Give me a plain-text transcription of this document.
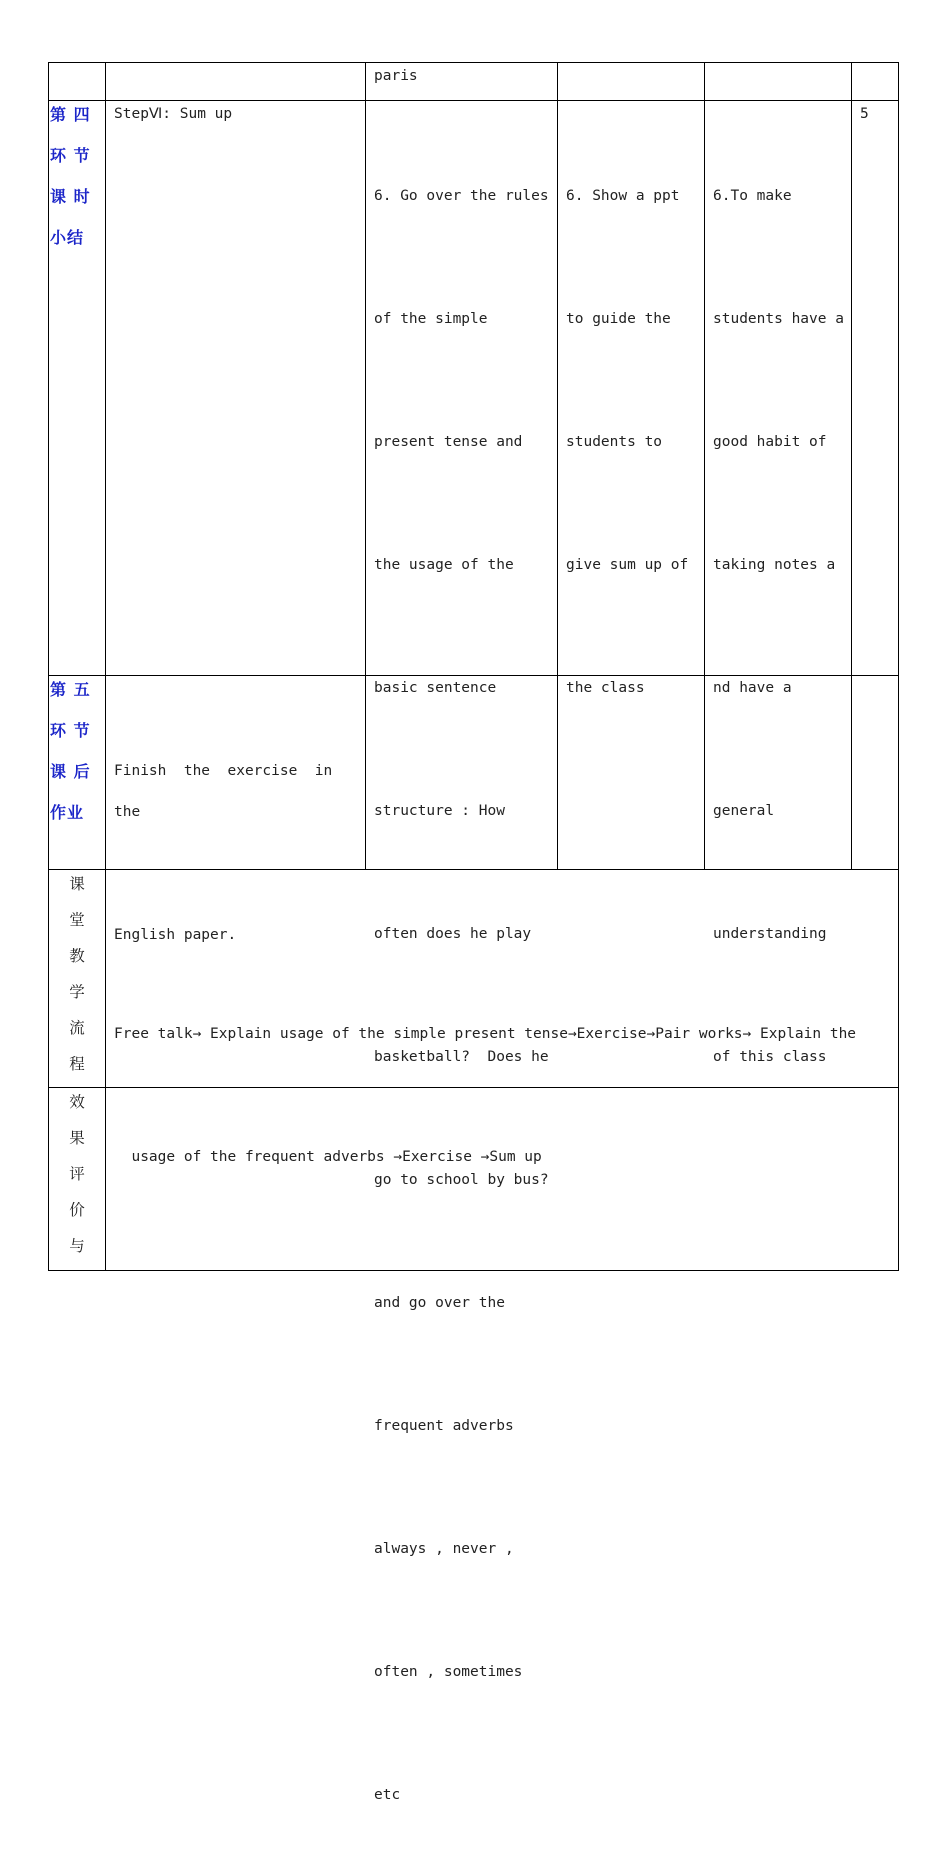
paris
第 四
环 节
课 时
小结
StepⅥ: Sum up

6. Go over the rules

of the simple

present tense and

the usage of the

basic sentence

structure : How

often does he play

basketball?  Does he

go to school by bus?

and go over the

frequent adverbs

always , never ,

often , sometimes

etc

6. Show a ppt

to guide the

students to

give sum up of

the class

6.To make

students have a

good habit of

taking notes a

nd have a

general

understanding

of this class

5
第 五
环 节
课 后
作业

Finish  the  exercise  in  the

English paper.

课
堂
教
学
流
程

Free talk→ Explain usage of the simple present tense→Exercise→Pair works→ Explain the

usage of the frequent adverbs →Exercise →Sum up

效
果
评
价
与
